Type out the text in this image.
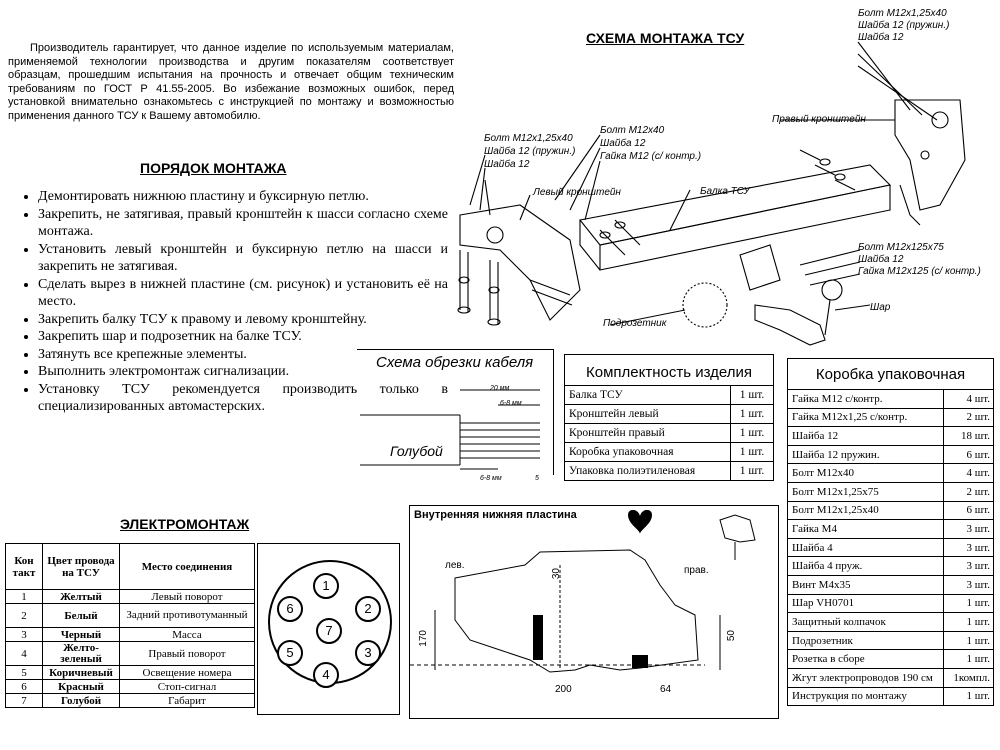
Производитель гарантирует, что данное изделие по используемым материалам, применяемой технологии производства и другим показателям соответствует образцам, прошедшим испытания на прочность и отвечает общим техническим требованиям по ГОСТ Р 41.55-2005. Во избежание возможных ошибок, перед установкой внимательно ознакомьтесь с инструкцией по монтажу и возможностью применения данного ТСУ к Вашему автомобилю.
ПОРЯДОК МОНТАЖА
• Демонтировать нижнюю пластину и буксирную петлю.
• Закрепить, не затягивая, правый кронштейн к шасси согласно схеме монтажа.
• Установить левый кронштейн и буксирную петлю на шасси и закрепить не затягивая.
• Сделать вырез в нижней пластине (см. рисунок) и установить её на место.
• Закрепить балку ТСУ к правому и левому кронштейну.
• Закрепить шар и подрозетник на балке ТСУ.
• Затянуть все крепежные элементы.
• Выполнить электромонтаж сигнализации.
• Установку ТСУ рекомендуется производить только в специализированных автомастерских.
СХЕМА МОНТАЖА ТСУ
Болт М12х1,25х40
Шайба 12 (пружин.)
Шайба 12
Правый кронштейн
Болт М12х1,25х40
Шайба 12 (пружин.)
Шайба 12
Болт М12х40
Шайба 12
Гайка М12 (с/ контр.)
Левый кронштейн	Балка ТСУ
Болт М12х125х75
Шайба 12
Гайка М12х125 (с/ контр.)
Шар
Подрозетник
Схема обрезки кабеля
20 мм
6-8 мм
6-8 мм	5
Голубой
Комплектность изделия	
Балка ТСУ	1 шт.
Кронштейн левый	1 шт.
Кронштейн правый	1 шт.
Коробка упаковочная	1 шт.
Упаковка полиэтиленовая	1 шт.
Коробка упаковочная	
Гайка М12 с/контр.	4 шт.
Гайка М12х1,25 с/контр.	2 шт.
Шайба 12	18 шт.
Шайба 12 пружин.	6 шт.
Болт М12х40	4 шт.
Болт М12х1,25х75	2 шт.
Болт М12х1,25х40	6 шт.
Гайка М4	3 шт.
Шайба 4	3 шт.
Шайба 4 пруж.	3 шт.
Винт М4х35	3 шт.
Шар VH0701	1 шт.
Защитный колпачок	1 шт.
Подрозетник	1 шт.
Розетка в сборе	1 шт.
Жгут электропроводов 190 см	1компл.
Инструкция по монтажу	1 шт.
ЭЛЕКТРОМОНТАЖ
Кон такт	Цвет провода на ТСУ	Место соединения
1	Желтый	Левый поворот
2	Белый	Задний противотуманный
3	Черный	Масса
4	Желто-зеленый	Правый поворот
5	Коричневый	Освещение номера
6	Красный	Стоп-сигнал
7	Голубой	Габарит
1
2
3
4
5
6
7
Внутренняя нижняя пластина
лев.	прав.
30
170
200	64
50
